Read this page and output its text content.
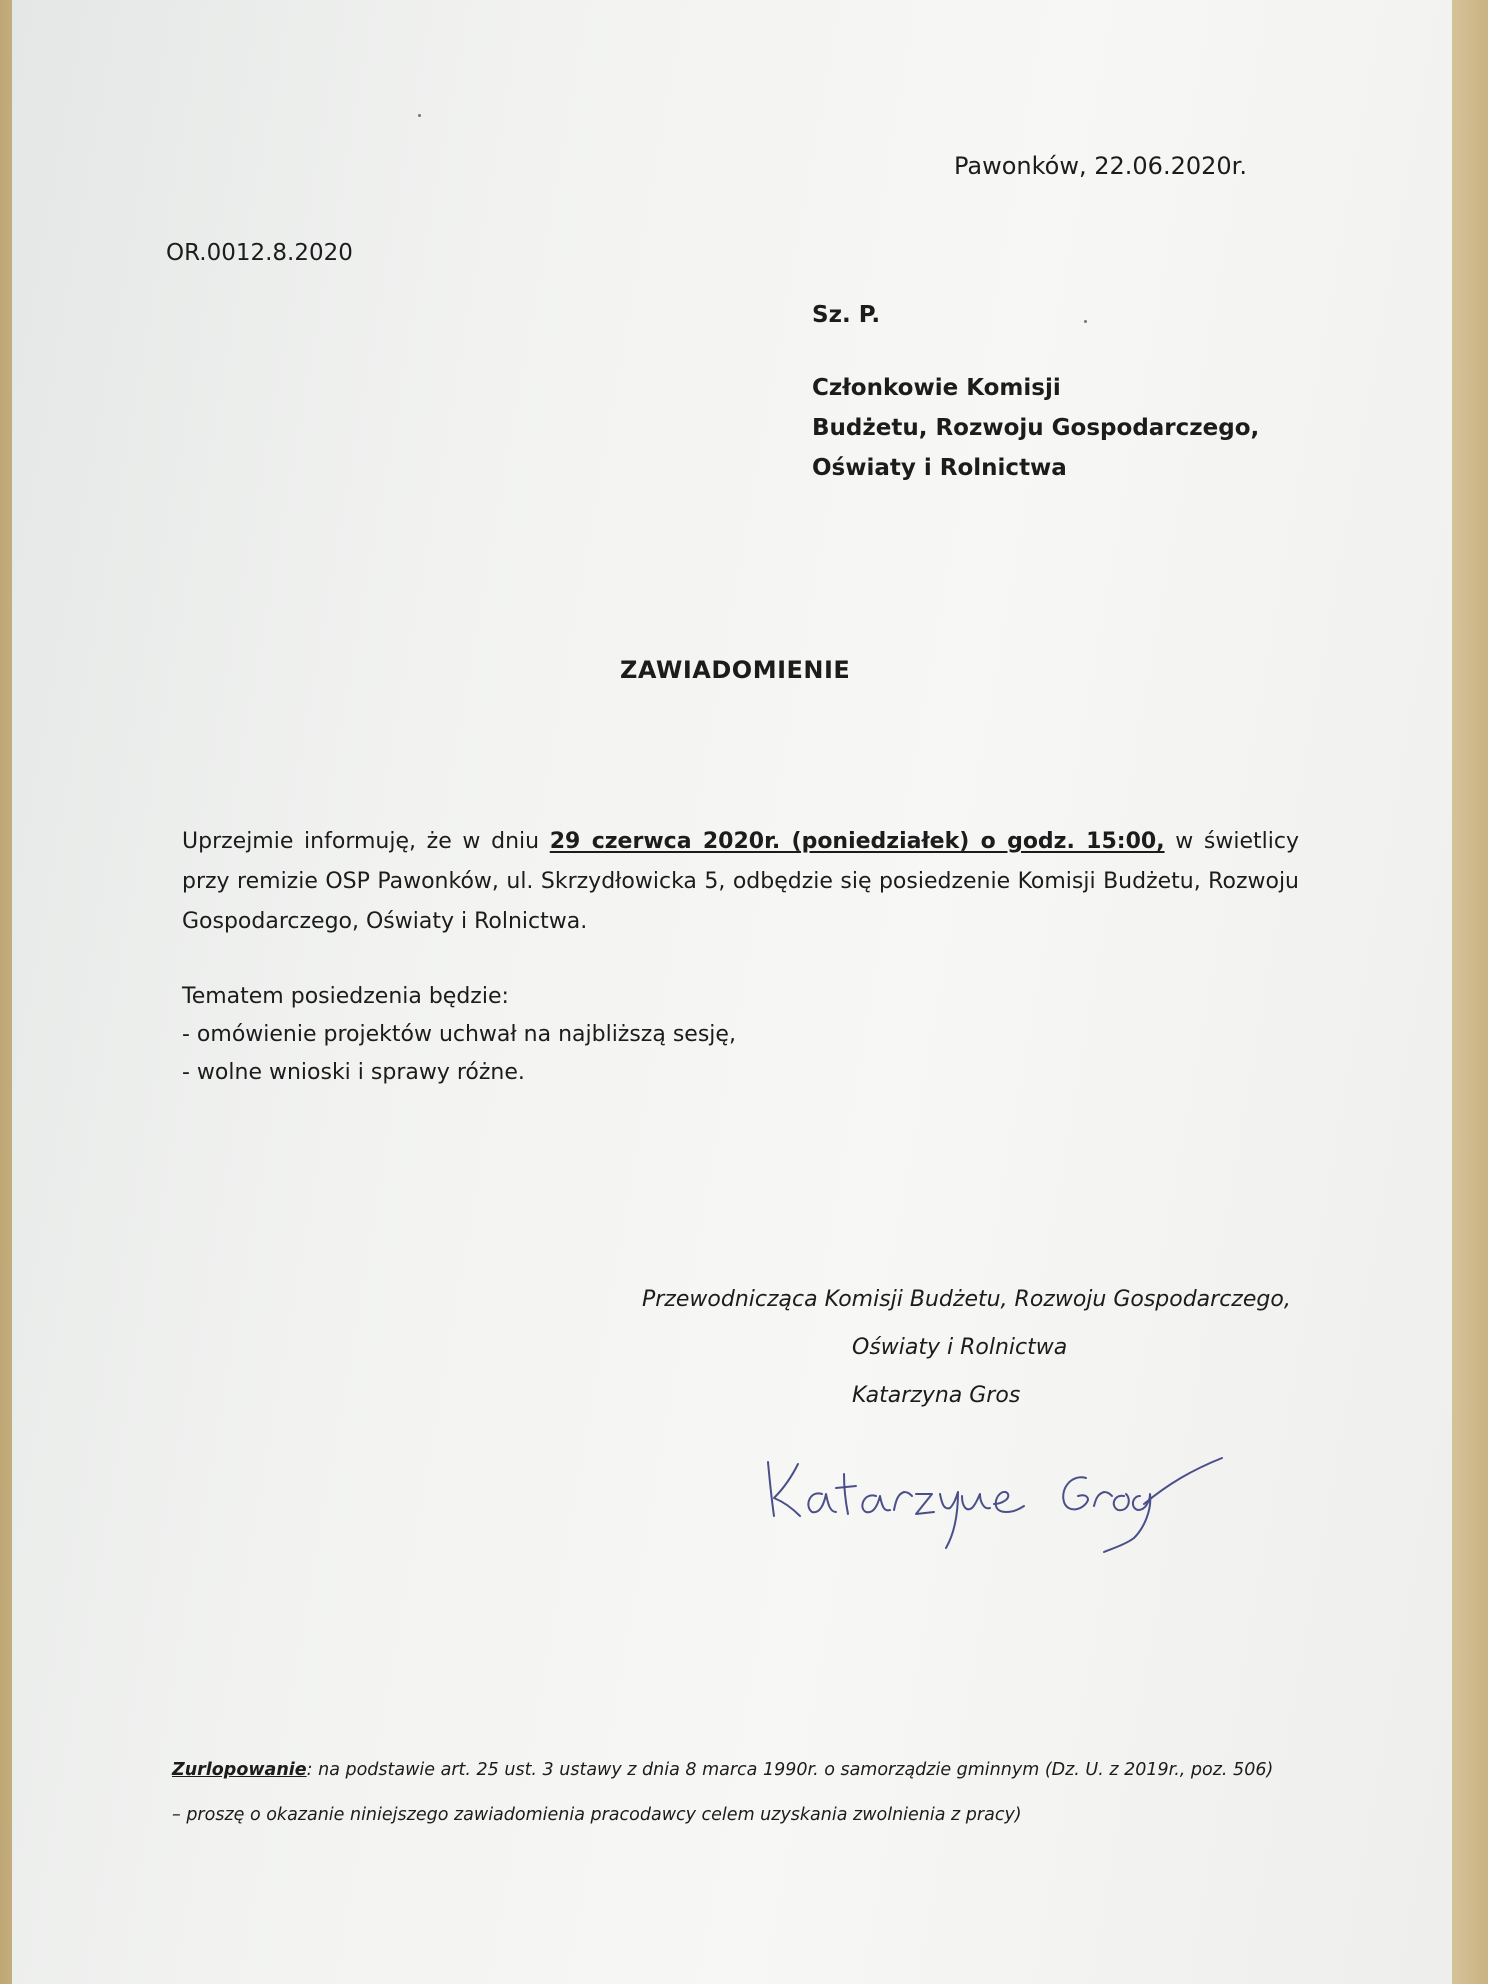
Pawonków, 22.06.2020r.
OR.0012.8.2020
Sz. P.
Członkowie Komisji
Budżetu, Rozwoju Gospodarczego,
Oświaty i Rolnictwa
ZAWIADOMIENIE
Uprzejmie informuję, że w dniu 29 czerwca 2020r. (poniedziałek) o godz. 15:00, w świetlicy przy remizie OSP Pawonków, ul. Skrzydłowicka 5, odbędzie się posiedzenie Komisji Budżetu, Rozwoju Gospodarczego, Oświaty i Rolnictwa.
Tematem posiedzenia będzie:
- omówienie projektów uchwał na najbliższą sesję,
- wolne wnioski i sprawy różne.
Przewodnicząca Komisji Budżetu, Rozwoju Gospodarczego,
Oświaty i Rolnictwa
Katarzyna Gros
Zurlopowanie: na podstawie art. 25 ust. 3 ustawy z dnia 8 marca 1990r. o samorządzie gminnym (Dz. U. z 2019r., poz. 506)
– proszę o okazanie niniejszego zawiadomienia pracodawcy celem uzyskania zwolnienia z pracy)
